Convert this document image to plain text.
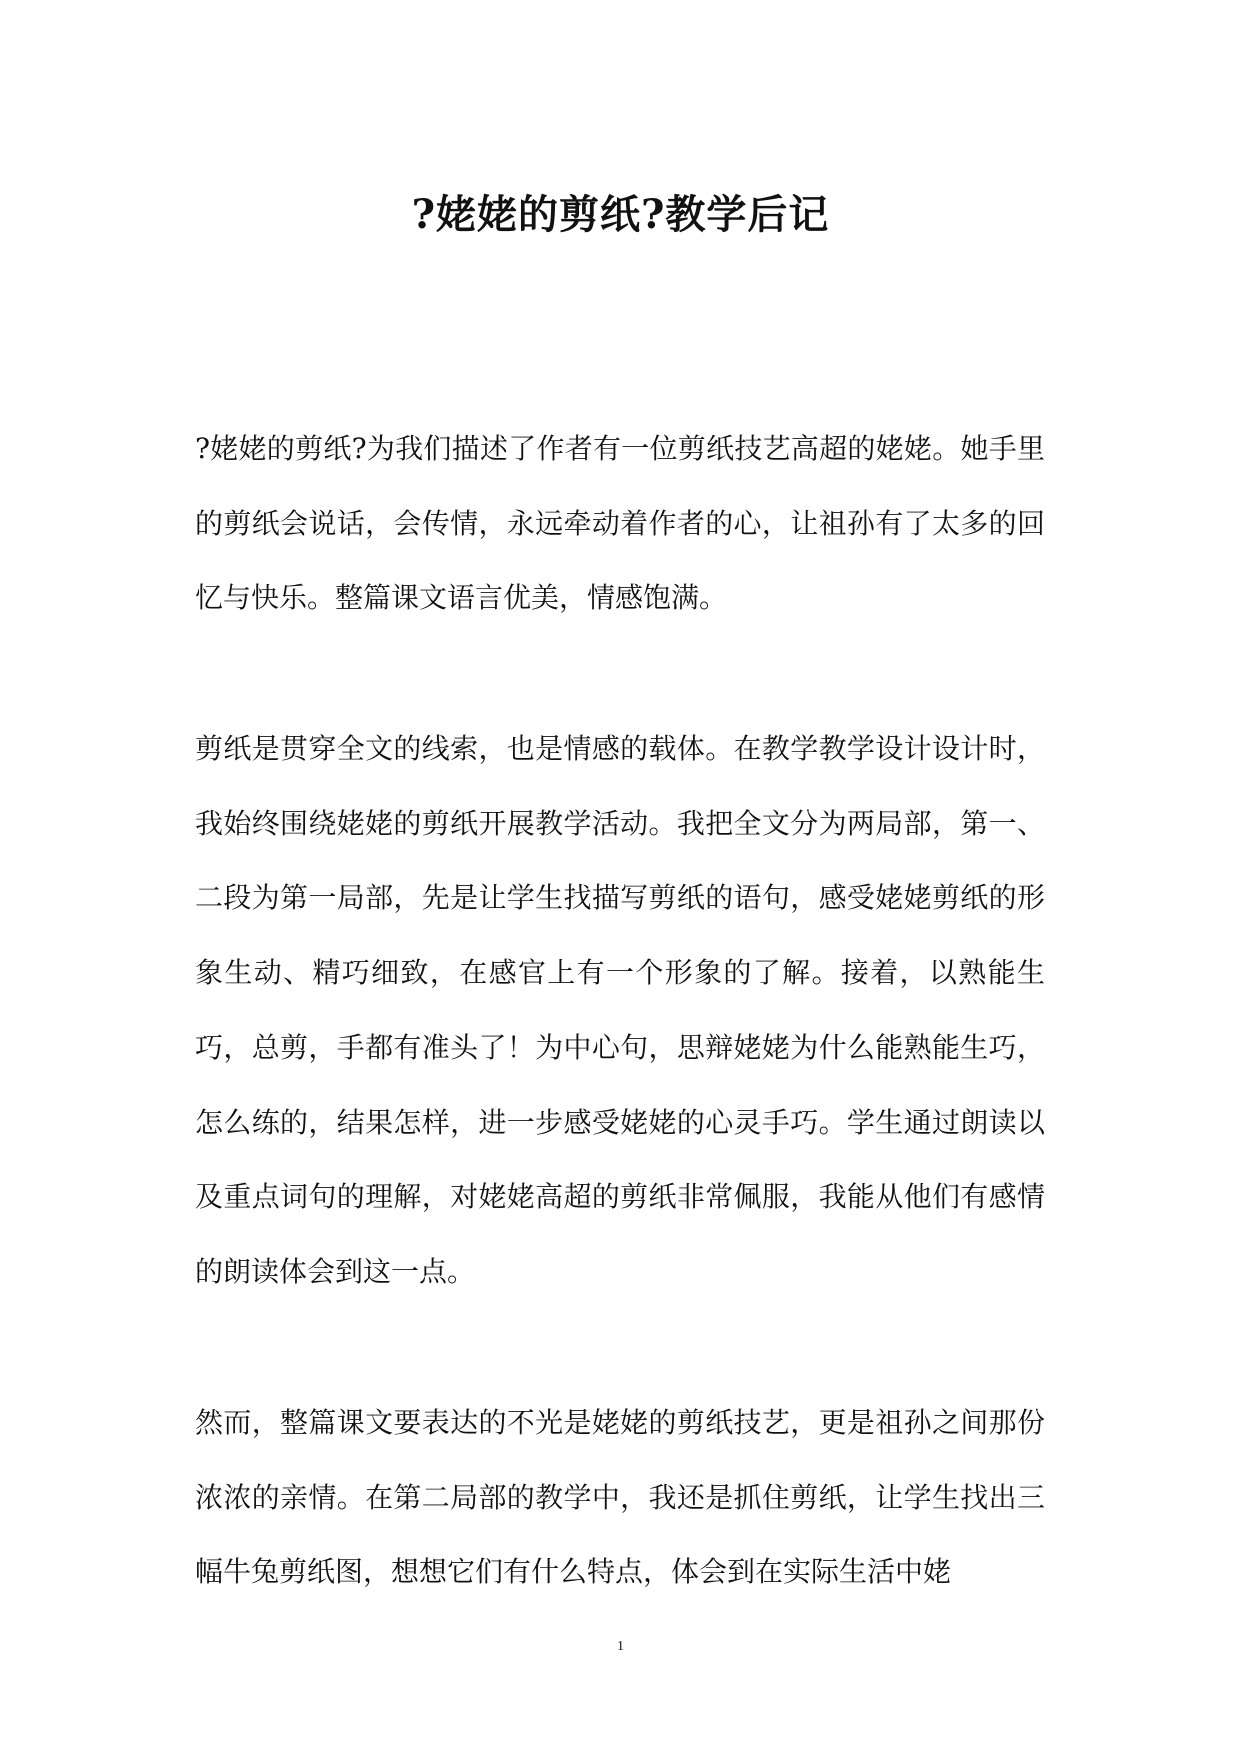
?姥姥的剪纸?教学后记

?姥姥的剪纸?为我们描述了作者有一位剪纸技艺高超的姥姥。她手里的剪纸会说话，会传情，永远牵动着作者的心，让祖孙有了太多的回忆与快乐。整篇课文语言优美，情感饱满。

剪纸是贯穿全文的线索，也是情感的载体。在教学教学设计设计时，我始终围绕姥姥的剪纸开展教学活动。我把全文分为两局部，第一、二段为第一局部，先是让学生找描写剪纸的语句，感受姥姥剪纸的形象生动、精巧细致，在感官上有一个形象的了解。接着，以熟能生巧，总剪，手都有准头了！为中心句，思辩姥姥为什么能熟能生巧，怎么练的，结果怎样，进一步感受姥姥的心灵手巧。学生通过朗读以及重点词句的理解，对姥姥高超的剪纸非常佩服，我能从他们有感情的朗读体会到这一点。

然而，整篇课文要表达的不光是姥姥的剪纸技艺，更是祖孙之间那份浓浓的亲情。在第二局部的教学中，我还是抓住剪纸，让学生找出三幅牛兔剪纸图，想想它们有什么特点，体会到在实际生活中姥

1
